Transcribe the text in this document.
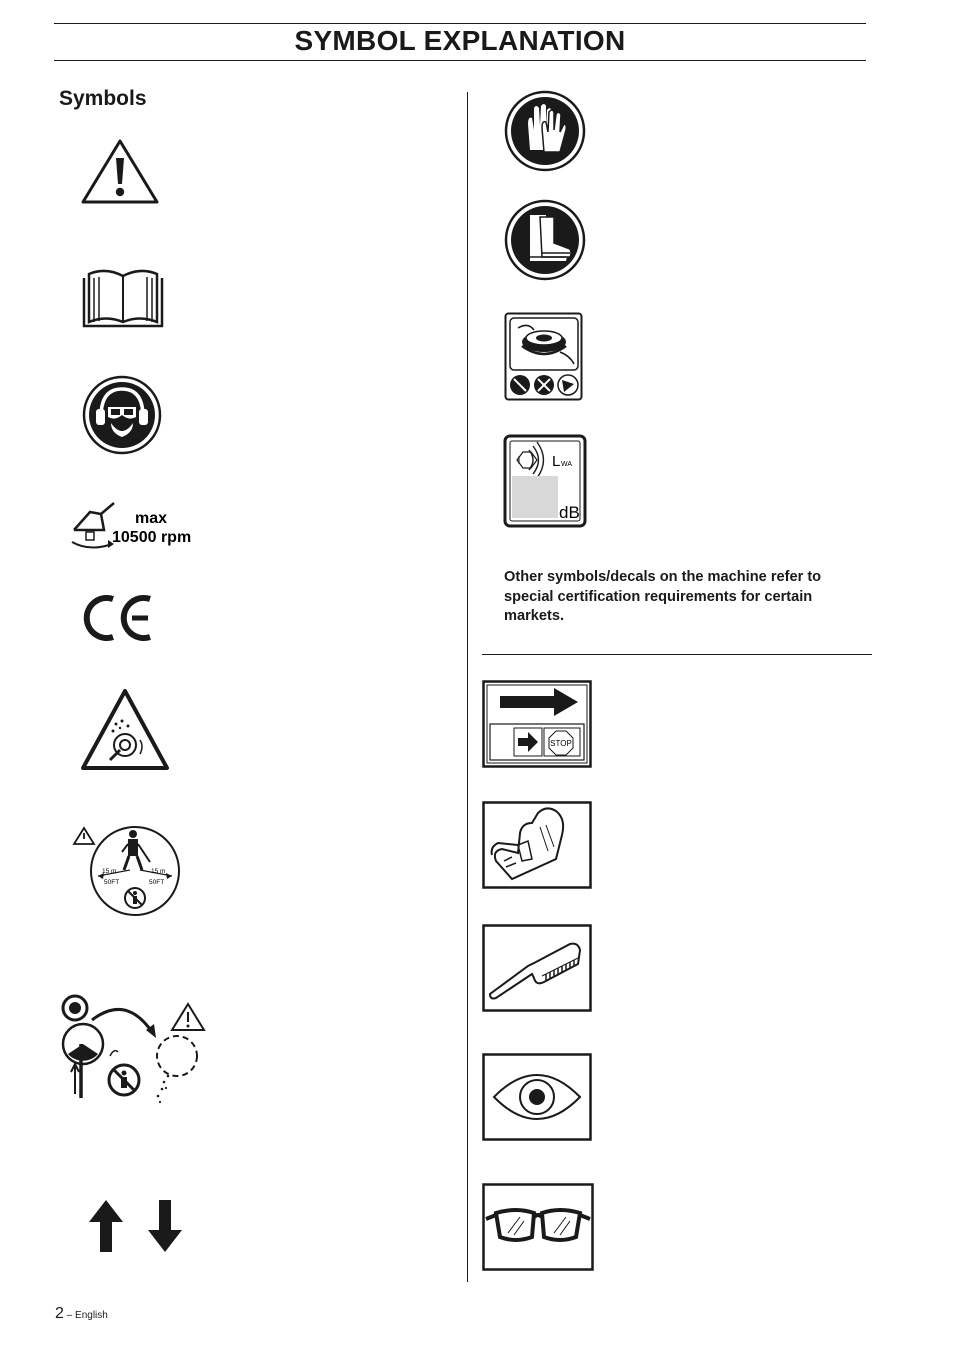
SYMBOL EXPLANATION
Symbols
max
10500 rpm
15 m
50FT
15 m
50FT
L WA
dB
Other symbols/decals on the machine refer to special certification requirements for certain markets.
STOP
2 – English
